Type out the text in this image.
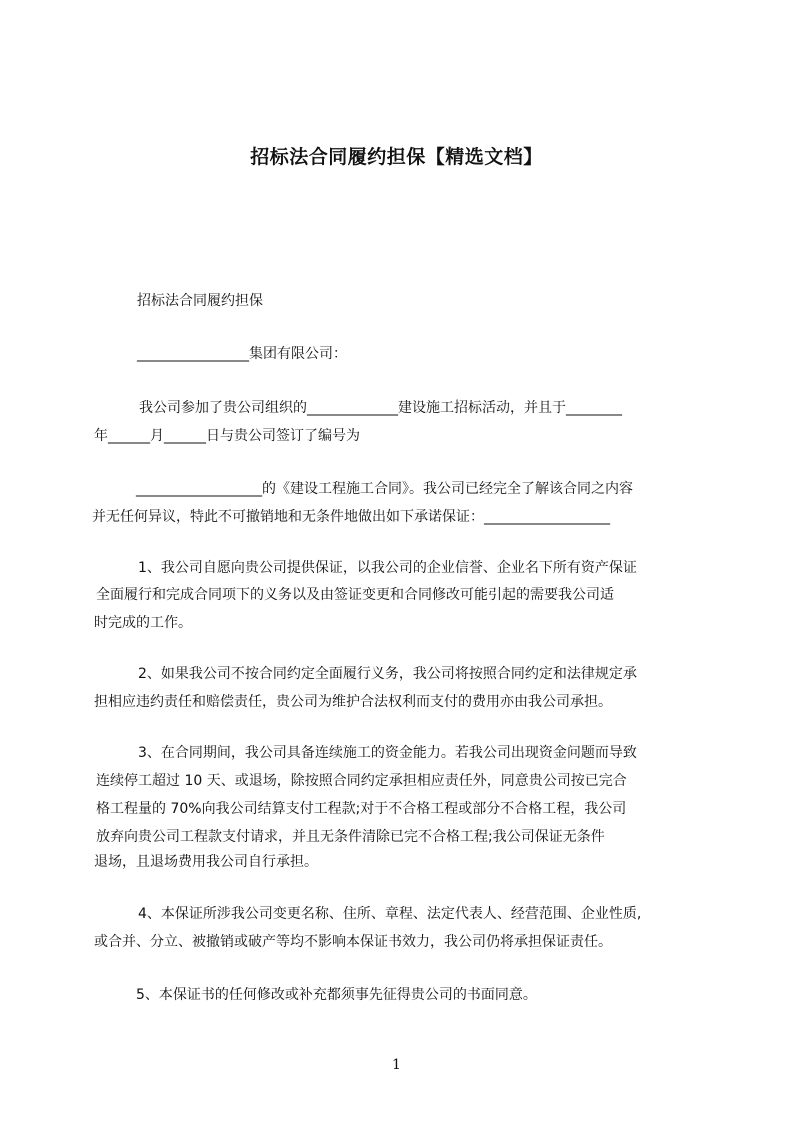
招标法合同履约担保【精选文档】
招标法合同履约担保
________________集团有限公司：
我公司参加了贵公司组织的_____________建设施工招标活动，并且于________
年______月______日与贵公司签订了编号为
__________________的《建设工程施工合同》。我公司已经完全了解该合同之内容
并无任何异议，特此不可撤销地和无条件地做出如下承诺保证：__________________
1、我公司自愿向贵公司提供保证，以我公司的企业信誉、企业名下所有资产保证
全面履行和完成合同项下的义务以及由签证变更和合同修改可能引起的需要我公司适
时完成的工作。
2、如果我公司不按合同约定全面履行义务，我公司将按照合同约定和法律规定承
担相应违约责任和赔偿责任，贵公司为维护合法权利而支付的费用亦由我公司承担。
3、在合同期间，我公司具备连续施工的资金能力。若我公司出现资金问题而导致
连续停工超过 10 天、或退场，除按照合同约定承担相应责任外，同意贵公司按已完合
格工程量的 70%向我公司结算支付工程款;对于不合格工程或部分不合格工程，我公司
放弃向贵公司工程款支付请求，并且无条件清除已完不合格工程;我公司保证无条件
退场，且退场费用我公司自行承担。
4、本保证所涉我公司变更名称、住所、章程、法定代表人、经营范围、企业性质,
或合并、分立、被撤销或破产等均不影响本保证书效力，我公司仍将承担保证责任。
5、本保证书的任何修改或补充都须事先征得贵公司的书面同意。
1
